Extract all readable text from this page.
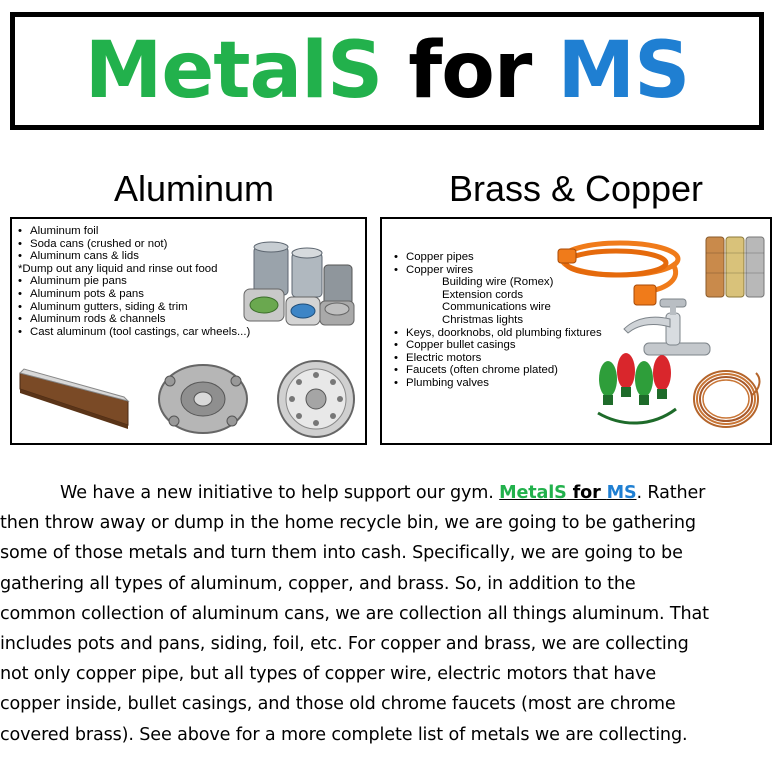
MetalS for MS
Aluminum	Brass & Copper
• Aluminum foil
• Soda cans (crushed or not)
• Aluminum cans & lids
*Dump out any liquid and rinse out food
• Aluminum pie pans
• Aluminum pots & pans
• Aluminum gutters, siding & trim
• Aluminum rods & channels
• Cast aluminum (tool castings, car wheels...)
• Copper pipes
• Copper wires
Building wire (Romex)
Extension cords
Communications wire
Christmas lights
• Keys, doorknobs, old plumbing fixtures
• Copper bullet casings
• Electric motors
• Faucets (often chrome plated)
• Plumbing valves
We have a new initiative to help support our gym. MetalS for MS. Rather
then throw away or dump in the home recycle bin, we are going to be gathering
some of those metals and turn them into cash. Specifically, we are going to be
gathering all types of aluminum, copper, and brass. So, in addition to the
common collection of aluminum cans, we are collection all things aluminum. That
includes pots and pans, siding, foil, etc. For copper and brass, we are collecting
not only copper pipe, but all types of copper wire, electric motors that have
copper inside, bullet casings, and those old chrome faucets (most are chrome
covered brass). See above for a more complete list of metals we are collecting.
